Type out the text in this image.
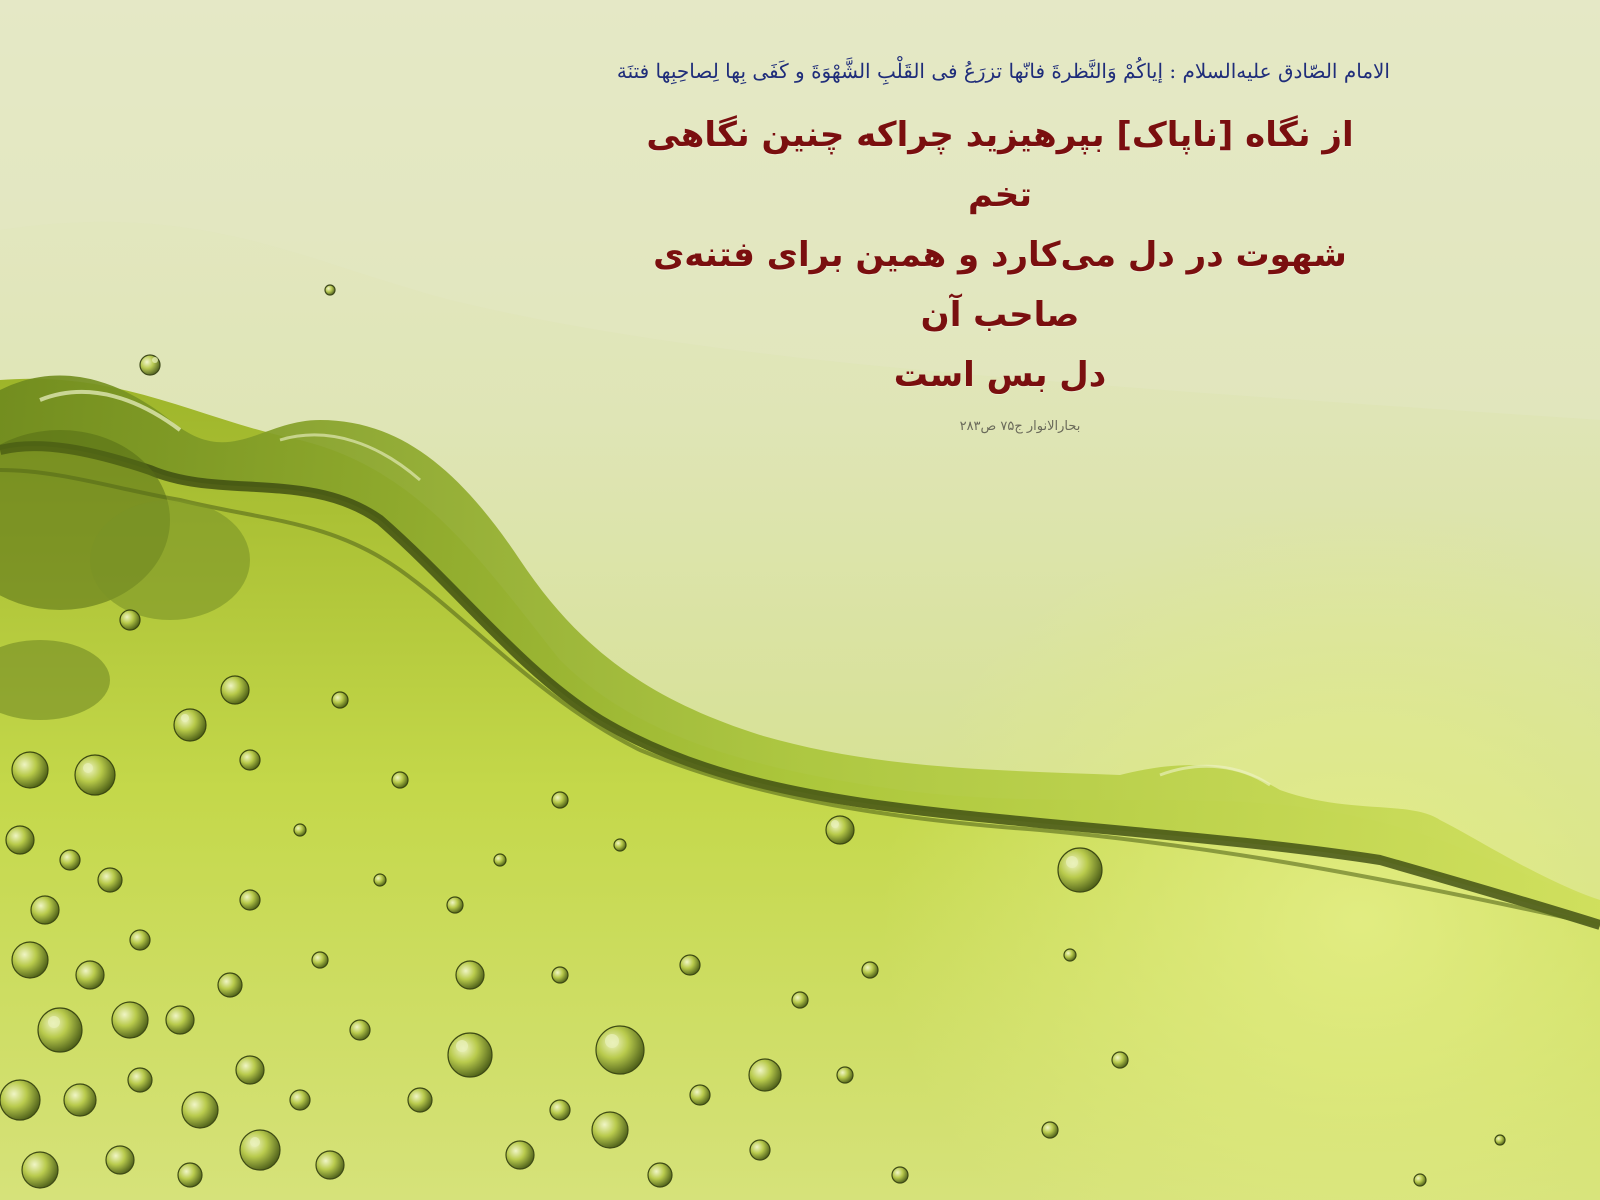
الامام الصّادق عليه‌السلام : إياكُمْ وَالنَّظرةَ فانّها تزرَعُ فى القَلْبِ الشَّهْوَةَ و كَفَى بِها لِصاحِبِها فتنَة

از نگاه [ناپاک] بپرهیزید چراکه چنین نگاهی تخم

شهوت در دل می‌کارد و همین برای فتنه‌ی صاحب آن

دل بس است

بحارالانوار ج۷۵ ص۲۸۳
